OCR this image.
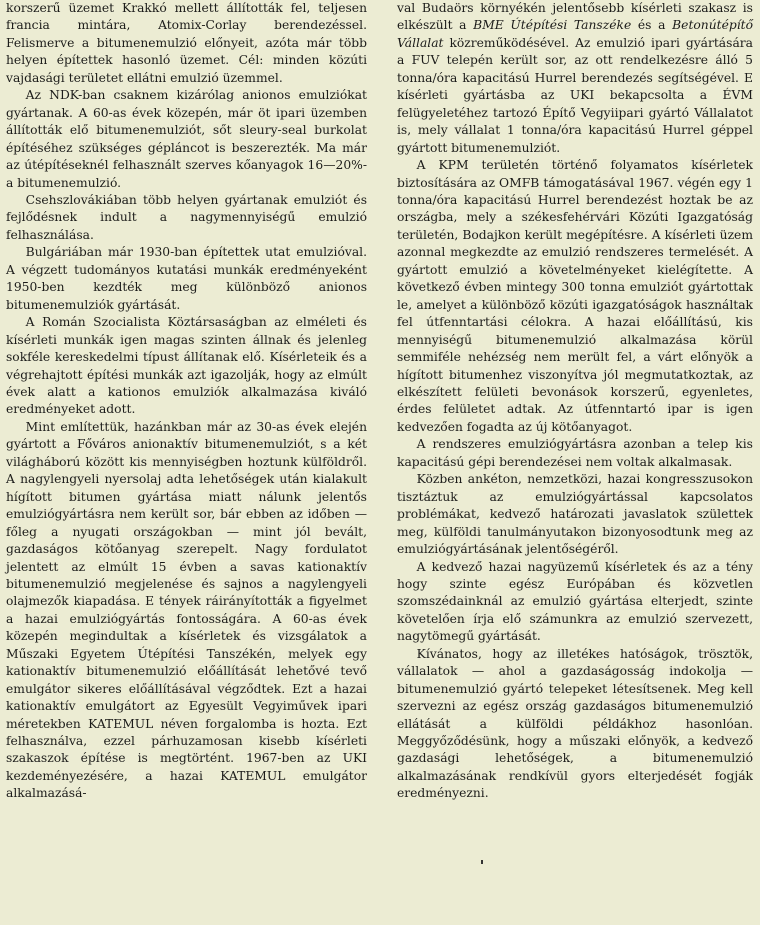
korszerű üzemet Krakkó mellett állították fel, teljesen francia mintára, Atomix-Corlay berendezéssel. Felismerve a bitumenemulzió előnyeit, azóta már több helyen építettek hasonló üzemet. Cél: minden közúti vajdasági területet ellátni emulzió üzemmel.

Az NDK-ban csaknem kizárólag anionos emulziókat gyártanak. A 60-as évek közepén, már öt ipari üzemben állították elő bitumenemulziót, sőt sleury-seal burkolat építéséhez szükséges gépláncot is beszerezték. Ma már az útépítéseknél felhasznált szerves kőanyagok 16—20%-a bitumenemulzió.

Csehszlovákiában több helyen gyártanak emulziót és fejlődésnek indult a nagymennyiségű emulzió felhasználása.

Bulgáriában már 1930-ban építettek utat emulzióval. A végzett tudományos kutatási munkák eredményeként 1950-ben kezdték meg különböző anionos bitumenemulziók gyártását.

A Román Szocialista Köztársaságban az elméleti és kísérleti munkák igen magas szinten állnak és jelenleg sokféle kereskedelmi típust állítanak elő. Kísérleteik és a végrehajtott építési munkák azt igazolják, hogy az elmúlt évek alatt a kationos emulziók alkalmazása kiváló eredményeket adott.

Mint említettük, hazánkban már az 30-as évek elején gyártott a Főváros anionaktív bitumenemulziót, s a két világháború között kis mennyiségben hoztunk külföldről. A nagylengyeli nyersolaj adta lehetőségek után kialakult hígított bitumen gyártása miatt nálunk jelentős emulziógyártásra nem került sor, bár ebben az időben — főleg a nyugati országokban — mint jól bevált, gazdaságos kötőanyag szerepelt. Nagy fordulatot jelentett az elmúlt 15 évben a savas kationaktív bitumenemulzió megjelenése és sajnos a nagylengyeli olajmezők kiapadása. E tények ráirányították a figyelmet a hazai emulziógyártás fontosságára. A 60-as évek közepén megindultak a kísérletek és vizsgálatok a Műszaki Egyetem Útépítési Tanszékén, melyek egy kationaktív bitumenemulzió előállítását lehetővé tevő emulgátor sikeres előállításával végződtek. Ezt a hazai kationaktív emulgátort az Egyesült Vegyiművek ipari méretekben KATEMUL néven forgalomba is hozta. Ezt felhasználva, ezzel párhuzamosan kisebb kísérleti szakaszok építése is megtörtént. 1967-ben az UKI kezdeményezésére, a hazai KATEMUL emulgátor alkalmazásá-

val Budaörs környékén jelentősebb kísérleti szakasz is elkészült a BME Útépítési Tanszéke és a Betonútépítő Vállalat közreműködésével. Az emulzió ipari gyártására a FUV telepén került sor, az ott rendelkezésre álló 5 tonna/óra kapacitású Hurrel berendezés segítségével. E kísérleti gyártásba az UKI bekapcsolta a ÉVM felügyeletéhez tartozó Építő Vegyiipari gyártó Vállalatot is, mely vállalat 1 tonna/óra kapacitású Hurrel géppel gyártott bitumenemulziót.

A KPM területén történő folyamatos kísérletek biztosítására az OMFB támogatásával 1967. végén egy 1 tonna/óra kapacitású Hurrel berendezést hoztak be az országba, mely a székesfehérvári Közúti Igazgatóság területén, Bodajkon került megépítésre. A kísérleti üzem azonnal megkezdte az emulzió rendszeres termelését. A gyártott emulzió a követelményeket kielégítette. A következő évben mintegy 300 tonna emulziót gyártottak le, amelyet a különböző közúti igazgatóságok használtak fel útfenntartási célokra. A hazai előállítású, kis mennyiségű bitumenemulzió alkalmazása körül semmiféle nehézség nem merült fel, a várt előnyök a hígított bitumenhez viszonyítva jól megmutatkoztak, az elkészített felületi bevonások korszerű, egyenletes, érdes felületet adtak. Az útfenntartó ipar is igen kedvezően fogadta az új kötőanyagot.

A rendszeres emulziógyártásra azonban a telep kis kapacitású gépi berendezései nem voltak alkalmasak.

Közben ankéton, nemzetközi, hazai kongresszusokon tisztáztuk az emulziógyártással kapcsolatos problémákat, kedvező határozati javaslatok születtek meg, külföldi tanulmányutakon bizonyosodtunk meg az emulziógyártásának jelentőségéről.

A kedvező hazai nagyüzemű kísérletek és az a tény hogy szinte egész Európában és közvetlen szomszédainknál az emulzió gyártása elterjedt, szinte követelően írja elő számunkra az emulzió szervezett, nagytömegű gyártását.

Kívánatos, hogy az illetékes hatóságok, trösztök, vállalatok — ahol a gazdaságosság indokolja — bitumenemulzió gyártó telepeket létesítsenek. Meg kell szervezni az egész ország gazdaságos bitumenemulzió ellátását a külföldi példákhoz hasonlóan. Meggyőződésünk, hogy a műszaki előnyök, a kedvező gazdasági lehetőségek, a bitumenemulzió alkalmazásának rendkívül gyors elterjedését fogják eredményezni.
